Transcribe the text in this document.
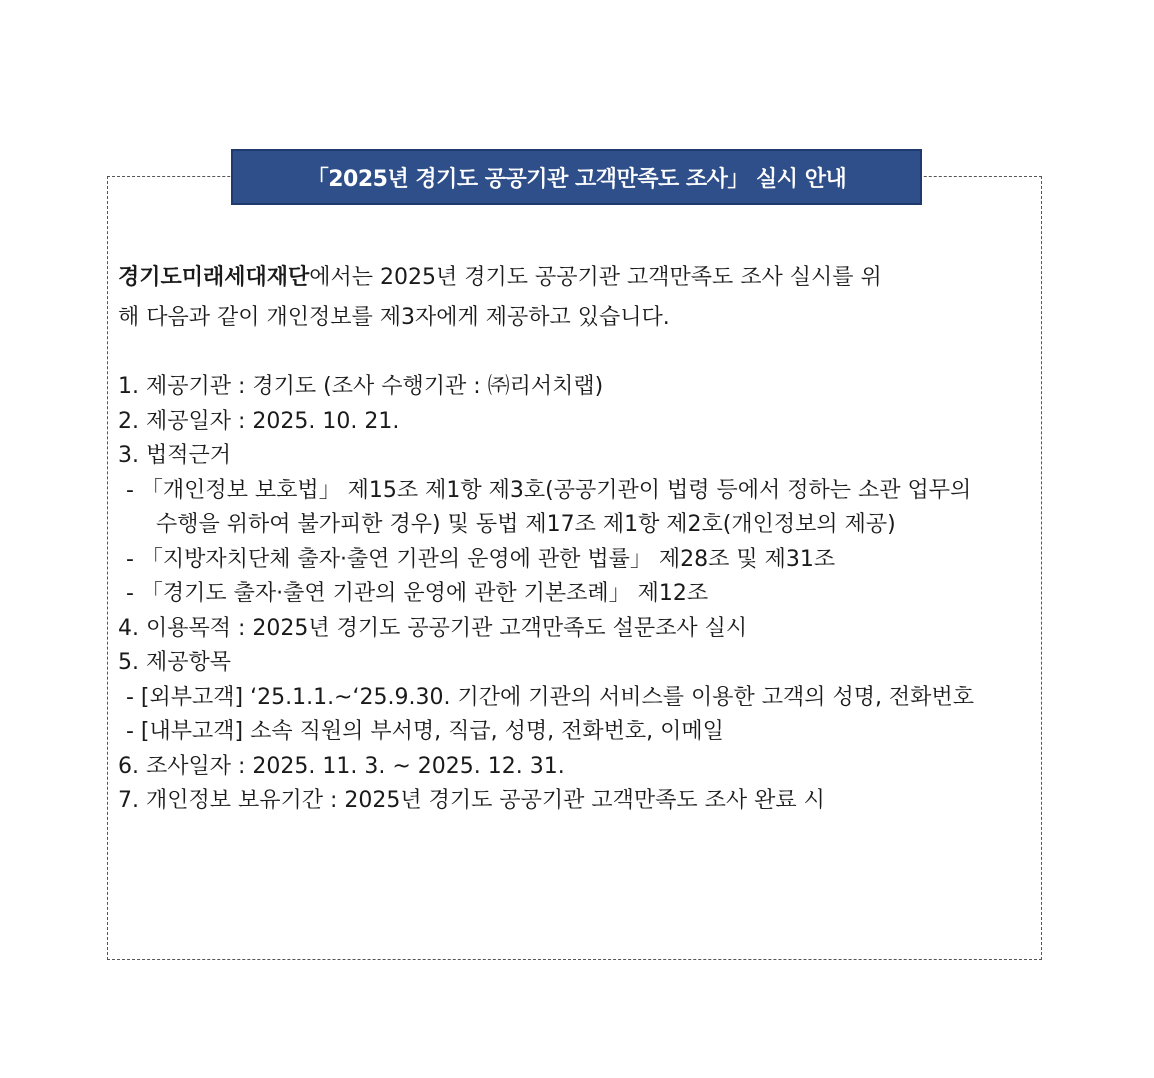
「2025년 경기도 공공기관 고객만족도 조사」 실시 안내
경기도미래세대재단에서는 2025년 경기도 공공기관 고객만족도 조사 실시를 위
해 다음과 같이 개인정보를 제3자에게 제공하고 있습니다.
1. 제공기관 : 경기도 (조사 수행기관 : ㈜리서치랩)
2. 제공일자 : 2025. 10. 21.
3. 법적근거
- 「개인정보 보호법」 제15조 제1항 제3호(공공기관이 법령 등에서 정하는 소관 업무의
수행을 위하여 불가피한 경우) 및 동법 제17조 제1항 제2호(개인정보의 제공)
- 「지방자치단체 출자·출연 기관의 운영에 관한 법률」 제28조 및 제31조
- 「경기도 출자·출연 기관의 운영에 관한 기본조례」 제12조
4. 이용목적 : 2025년 경기도 공공기관 고객만족도 설문조사 실시
5. 제공항목
- [외부고객] ‘25.1.1.~‘25.9.30. 기간에 기관의 서비스를 이용한 고객의 성명, 전화번호
- [내부고객] 소속 직원의 부서명, 직급, 성명, 전화번호, 이메일
6. 조사일자 : 2025. 11. 3. ~ 2025. 12. 31.
7. 개인정보 보유기간 : 2025년 경기도 공공기관 고객만족도 조사 완료 시
